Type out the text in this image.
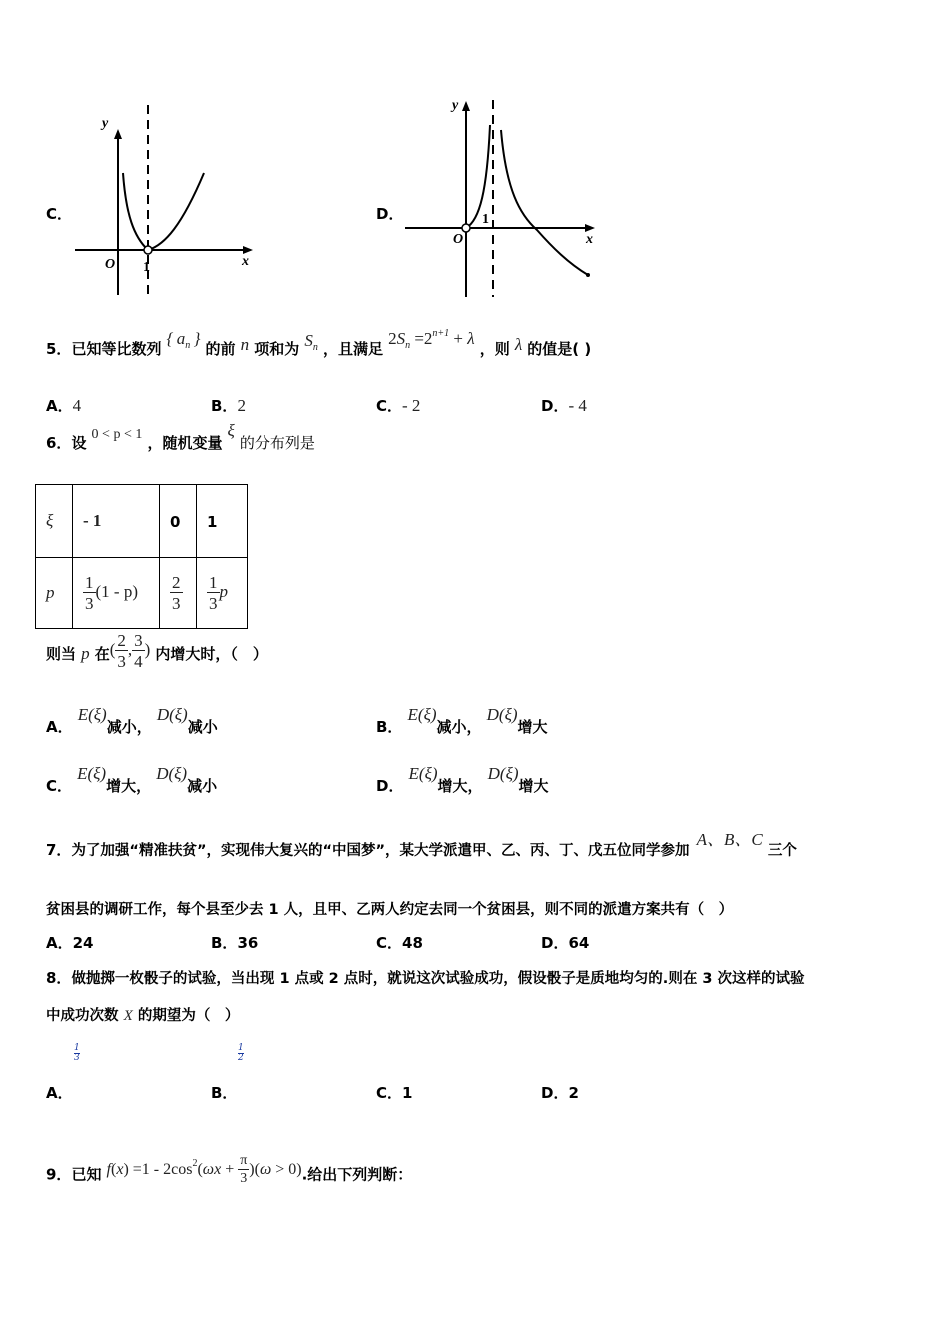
C．
y
x
O 1
D．
y
x
O
1
5．已知等比数列 { $a_n$ } 的前 n 项和为 $S_n$ ，且满足 $2S_n =2^{n+1} + \lambda$ ，则 λ 的值是( )
A．4	B．2	C．- 2	D．- 4
6．设 0 < p < 1 ，随机变量 ξ 的分布列是
ξ	- 1	0	1
p	$\frac{1}{3} (1 - p)$	$\frac{2}{3}$	$\frac{1}{3}$ p
则当 p 在( $\frac{2}{3}$ , $\frac{3}{4}$ ) 内增大时，（　）
A． E(ξ)减小， D(ξ)减小	B． E(ξ)减小， D(ξ)增大
C． E(ξ)增大， D(ξ)减小	D． E(ξ)增大， D(ξ)增大
7．为了加强“精准扶贫”，实现伟大复兴的“中国梦”，某大学派遣甲、乙、丙、丁、戊五位同学参加 A、B、C 三个
贫困县的调研工作，每个县至少去 1 人，且甲、乙两人约定去同一个贫困县，则不同的派遣方案共有（　）
A．24	B．36	C．48	D．64
8．做抛掷一枚骰子的试验，当出现 1 点或 2 点时，就说这次试验成功，假设骰子是质地均匀的.则在 3 次这样的试验
中成功次数 X 的期望为（　）
1
3
1
2
A．	B．	C．1	D．2
9．已知 $f(x) =1 - 2\cos^2(\omega x + \frac{\pi}{3} )(\omega > 0)$.给出下列判断：
